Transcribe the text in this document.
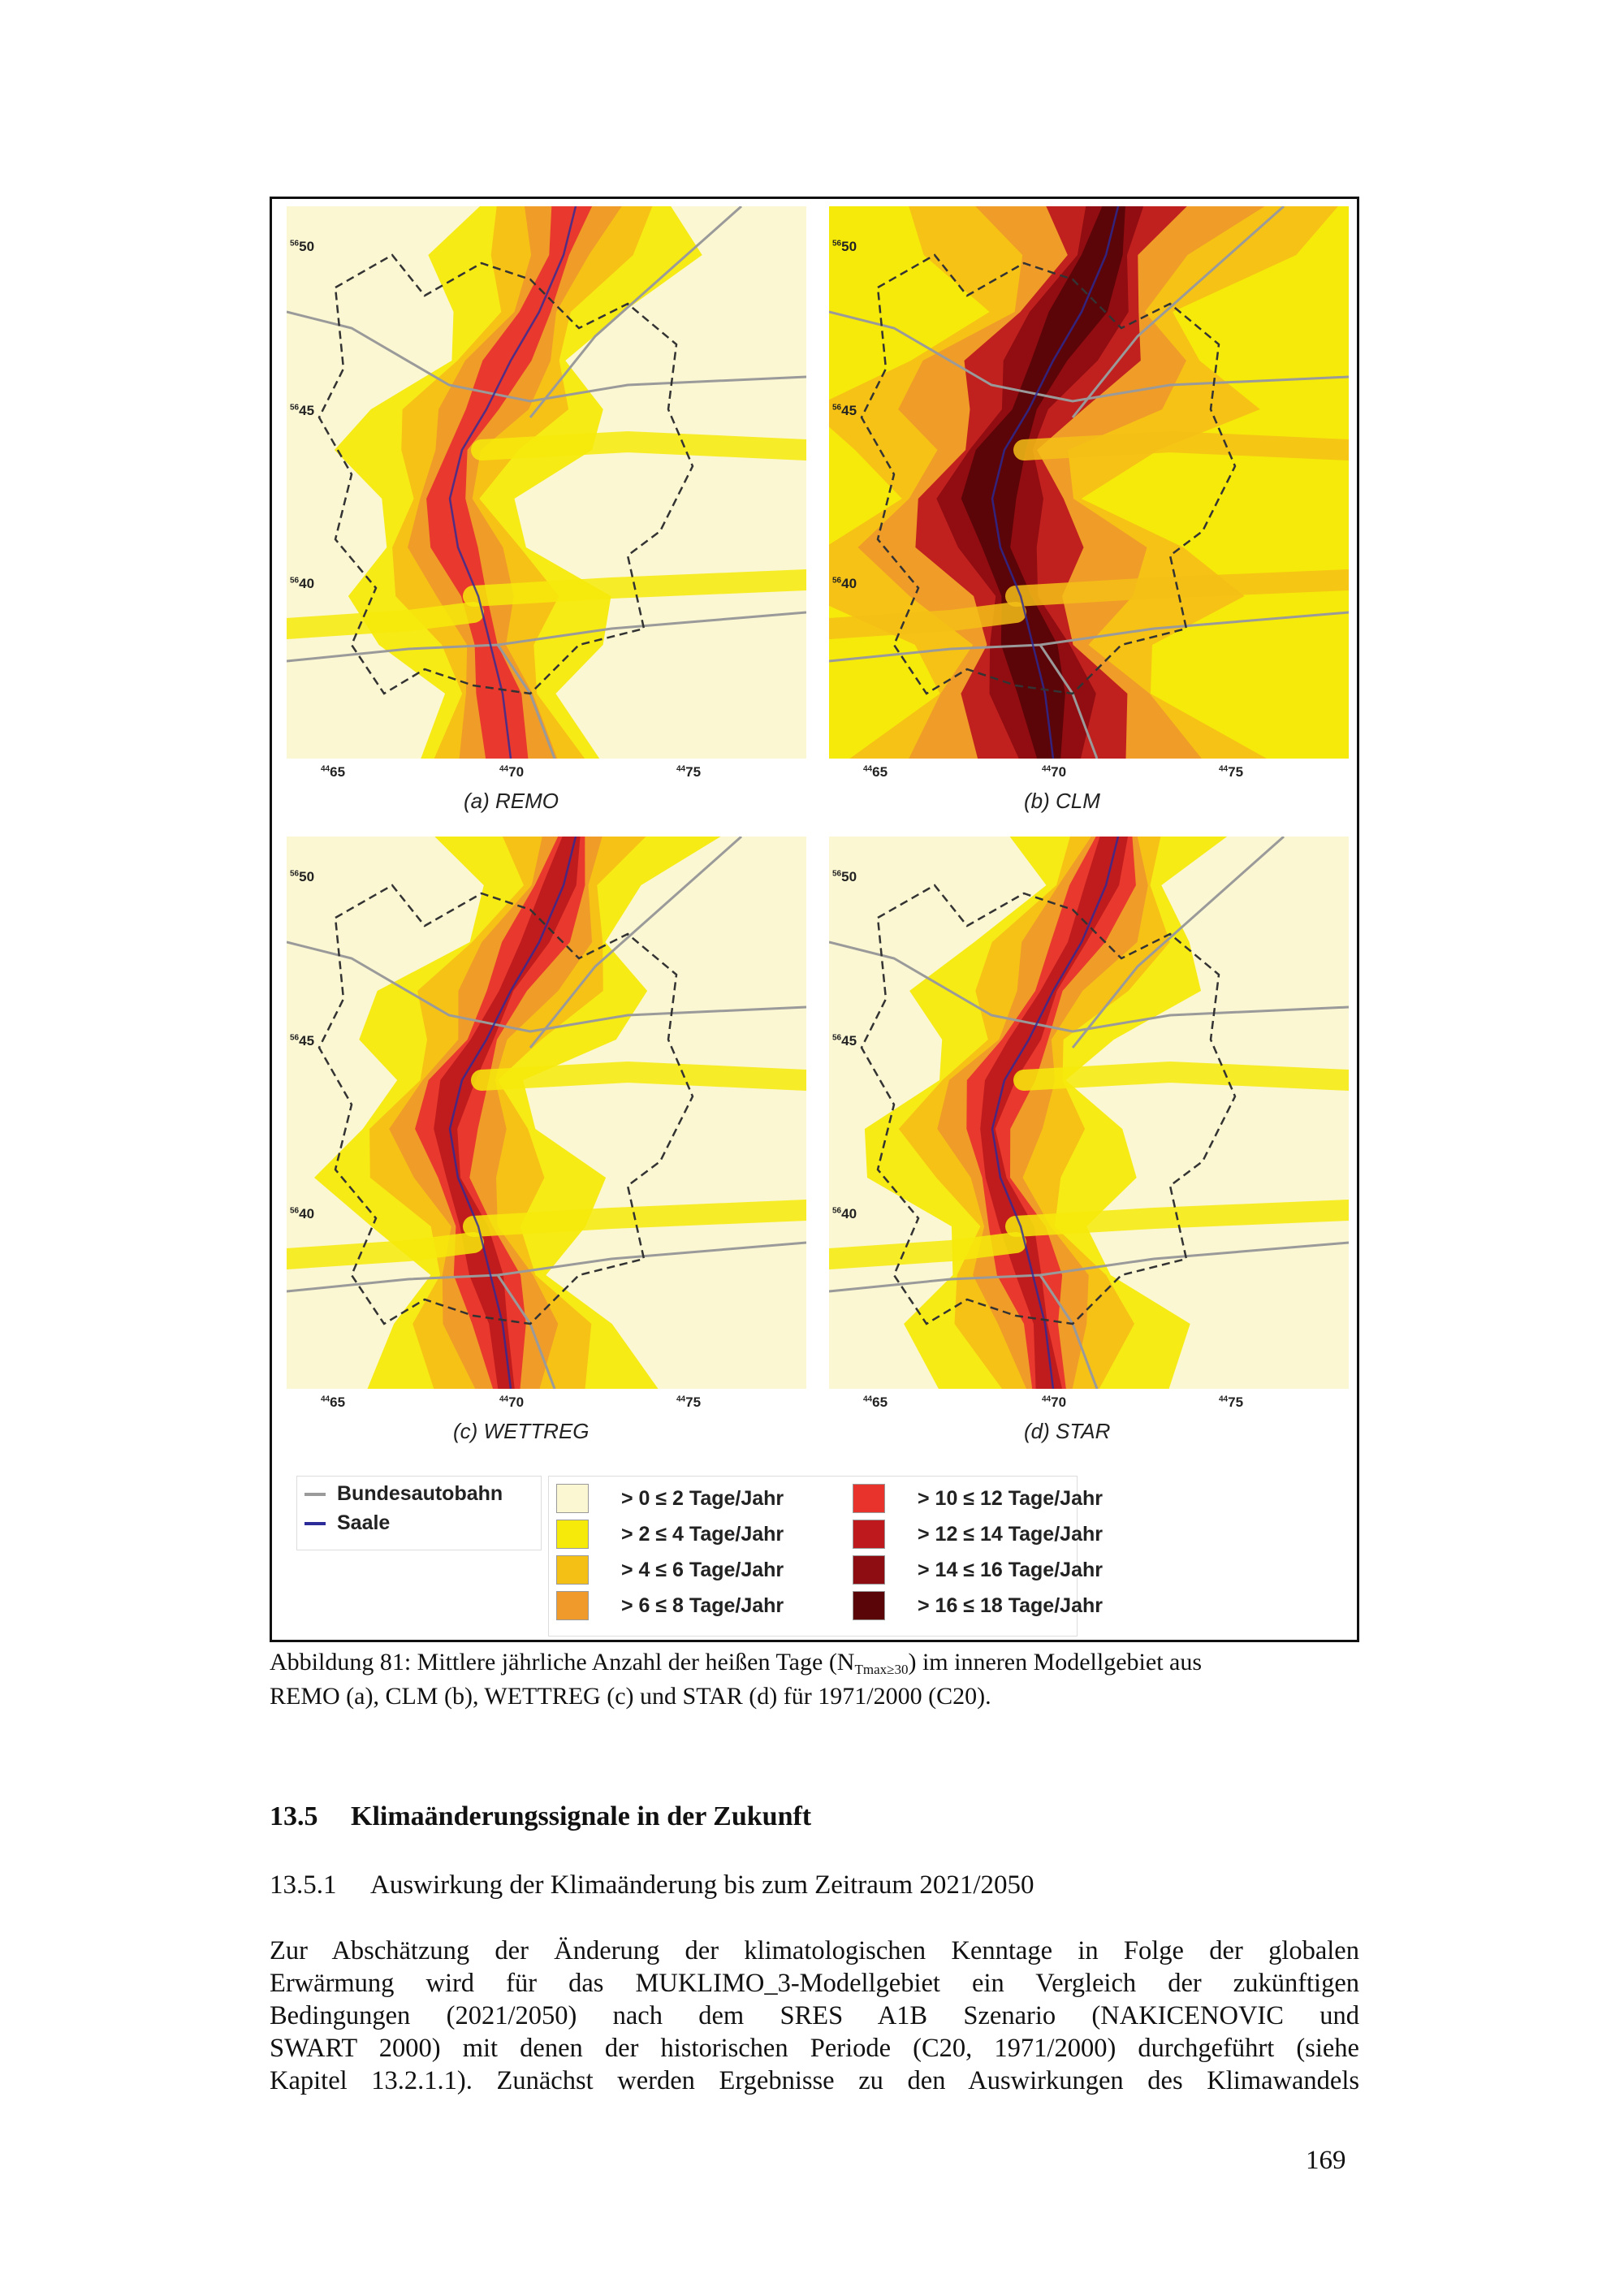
$^{56}$50
$^{56}$45
$^{56}$40
$^{44}$65	$^{44}$70	$^{44}$75
(a) REMO
$^{56}$50
$^{56}$45
$^{56}$40
$^{44}$65	$^{44}$70	$^{44}$75
(b) CLM
$^{56}$50
$^{56}$45
$^{56}$40
$^{44}$65	$^{44}$70	$^{44}$75
(c) WETTREG
$^{56}$50
$^{56}$45
$^{56}$40
$^{44}$65	$^{44}$70	$^{44}$75
(d) STAR
Bundesautobahn
Saale
> 0 ≤ 2 Tage/Jahr
> 2 ≤ 4 Tage/Jahr
> 4 ≤ 6 Tage/Jahr
> 6 ≤ 8 Tage/Jahr
> 10 ≤ 12 Tage/Jahr
> 12 ≤ 14 Tage/Jahr
> 14 ≤ 16 Tage/Jahr
> 16 ≤ 18 Tage/Jahr
Abbildung 81: Mittlere jährliche Anzahl der heißen Tage $(N_{Tmax\ge 30})$ im inneren Modellgebiet aus
REMO (a), CLM (b), WETTREG (c) und STAR (d) für 1971/2000 (C20).
13.5 Klimaänderungssignale in der Zukunft
13.5.1 Auswirkung der Klimaänderung bis zum Zeitraum 2021/2050
Zur Abschätzung der Änderung der klimatologischen Kenntage in Folge der globalen
Erwärmung wird für das MUKLIMO_3-Modellgebiet ein Vergleich der zukünftigen
Bedingungen (2021/2050) nach dem SRES A1B Szenario (NAKICENOVIC und
SWART 2000) mit denen der historischen Periode (C20, 1971/2000) durchgeführt (siehe
Kapitel 13.2.1.1). Zunächst werden Ergebnisse zu den Auswirkungen des Klimawandels
169
